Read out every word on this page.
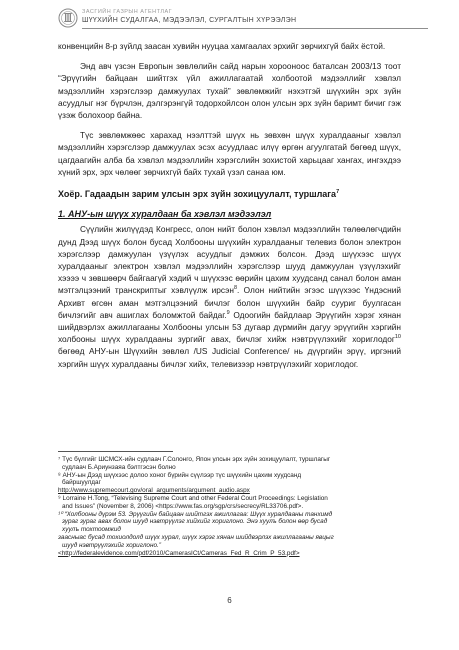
ЗАСГИЙН ГАЗРЫН АГЕНТЛАГ
ШҮҮХИЙН СУДАЛГАА, МЭДЭЭЛЭЛ, СУРГАЛТЫН ХҮРЭЭЛЭН

конвенцийн 8-р зүйлд заасан хувийн нууцаа хамгаалах эрхийг зөрчихгүй байх ёстой.

Энд авч үзсэн Европын зөвлөлийн сайд нарын хорооноос баталсан 2003/13 тоот “Эрүүгийн байцаан шийтгэх үйл ажиллагаатай холбоотой мэдээллийг хэвлэл мэдээллийн хэрэгслээр дамжуулах тухай” зөвлөмжийг нэхэтгэй шүүхийн эрх зүйн асуудлыг нэг бүрчлэн, дэлгэрэнгүй тодорхойлсон олон улсын эрх зүйн баримт бичиг гэж үзэж болохоор байна.

Түс зөвлөмжөөс харахад нээлттэй шүүх нь зөвхөн шүүх хуралдааныг хэвлэл мэдээллийн хэрэгслээр дамжуулах эсэх асуудлаас илүү өргөн агуулгатай бөгөөд шүүх, цагдаагийн алба ба хэвлэл мэдээллийн хэрэгслийн зохистой харьцааг хангах, ингэхдээ хүний эрх, эрх чөлөөг зөрчихгүй байх тухай үзэл санаа юм.

Хоёр. Гадаадын зарим улсын эрх зүйн зохицуулалт, туршлага$^7$
1. АНУ-ын шүүх хуралдаан ба хэвлэл мэдээлэл

Сүүлийн жилүүдэд Конгресс, олон нийт болон хэвлэл мэдээллийн төлөөлөгчдийн дунд Дээд шүүх болон бусад Холбооны шүүхийн хуралдааныг телевиз болон электрон хэрэгслээр дамжуулан үзүүлэх асуудлыг дэмжих болсон. Дээд шүүхээс шүүх хуралдааныг электрон хэвлэл мэдээллийн хэрэгслээр шууд дамжуулан үзүүлэхийг хээээ ч зөвшөөрч байгаагүй хэдий ч шүүхээс өөрийн цахим хуудсанд санал болон аман мэтгэлцээний транскриптыг хэвлүүлж ирсэн$^8$. Олон нийтийн эгээс шүүхээс Үндэсний Архивт өгсөн аман мэтгэлцээний бичлэг болон шүүхийн байр сууриг буулгасан бичлэгийг авч ашиглах боломжтой байдаг.$^9$ Одоогийн байдлаар Эрүүгийн хэрэг хянан шийдвэрлэх ажиллагааны Холбооны улсын 53 дугаар дүрмийн дагуу эрүүгийн хэргийн холбооны шүүх хуралдааны зургийг авах, бичлэг хийж нэвтрүүлэхийг хориглодог$^{10}$ бөгөөд АНУ-ын Шүүхийн зөвлөл /US Judicial Conference/ нь дүүргийн эрүү, иргэний хэргийн шүүх хуралдааны бичлэг хийх, телевизээр нэвтрүүлэхийг хориглодог.

⁷ Түс бүлгийг ШСМСХ-ийн судлаач Г.Солонго, Япон улсын эрх зүйн зохицуулалт, туршлагыг
судлаач Б.Ариунзаяа бэлтгэсэн болно
⁸ АНУ-ын Дээд шүүхээс долоо хоног бүрийн сүүлээр түс шүүхийн цахим хуудсанд
байршуулдаг
http://www.supremecourt.gov/oral_arguments/argument_audio.aspx
⁹ Lorraine H.Tong, “Televising Supreme Court and other Federal Court Proceedings: Legislation
and Issues” (November 8, 2006) <https://www.fas.org/sgp/crs/secrecy/RL33706.pdf>.
¹⁰ “Холбооны дүрэм 53. Эрүүгийн байцаан шийтгэх ажиллагаа: Шүүх хуралдааны танхимд
зураг зураг авах болон шууд нэвтрүүлэг хийхийг хориглоно. Энэ хуулъ болон өөр бусад
хуулъ тохтоомжид
заасныас бусад тохиолдолд шүүх хурал, шүүх хэрэг хянан шийдвэрлэх ажиллагааны явцыг
шууд нэвтрүүлэхийг хориглоно.”
<http://federalevidence.com/pdf/2010/CamerasICt/Cameras_Fed_R_Crim_P_53.pdf>
6
